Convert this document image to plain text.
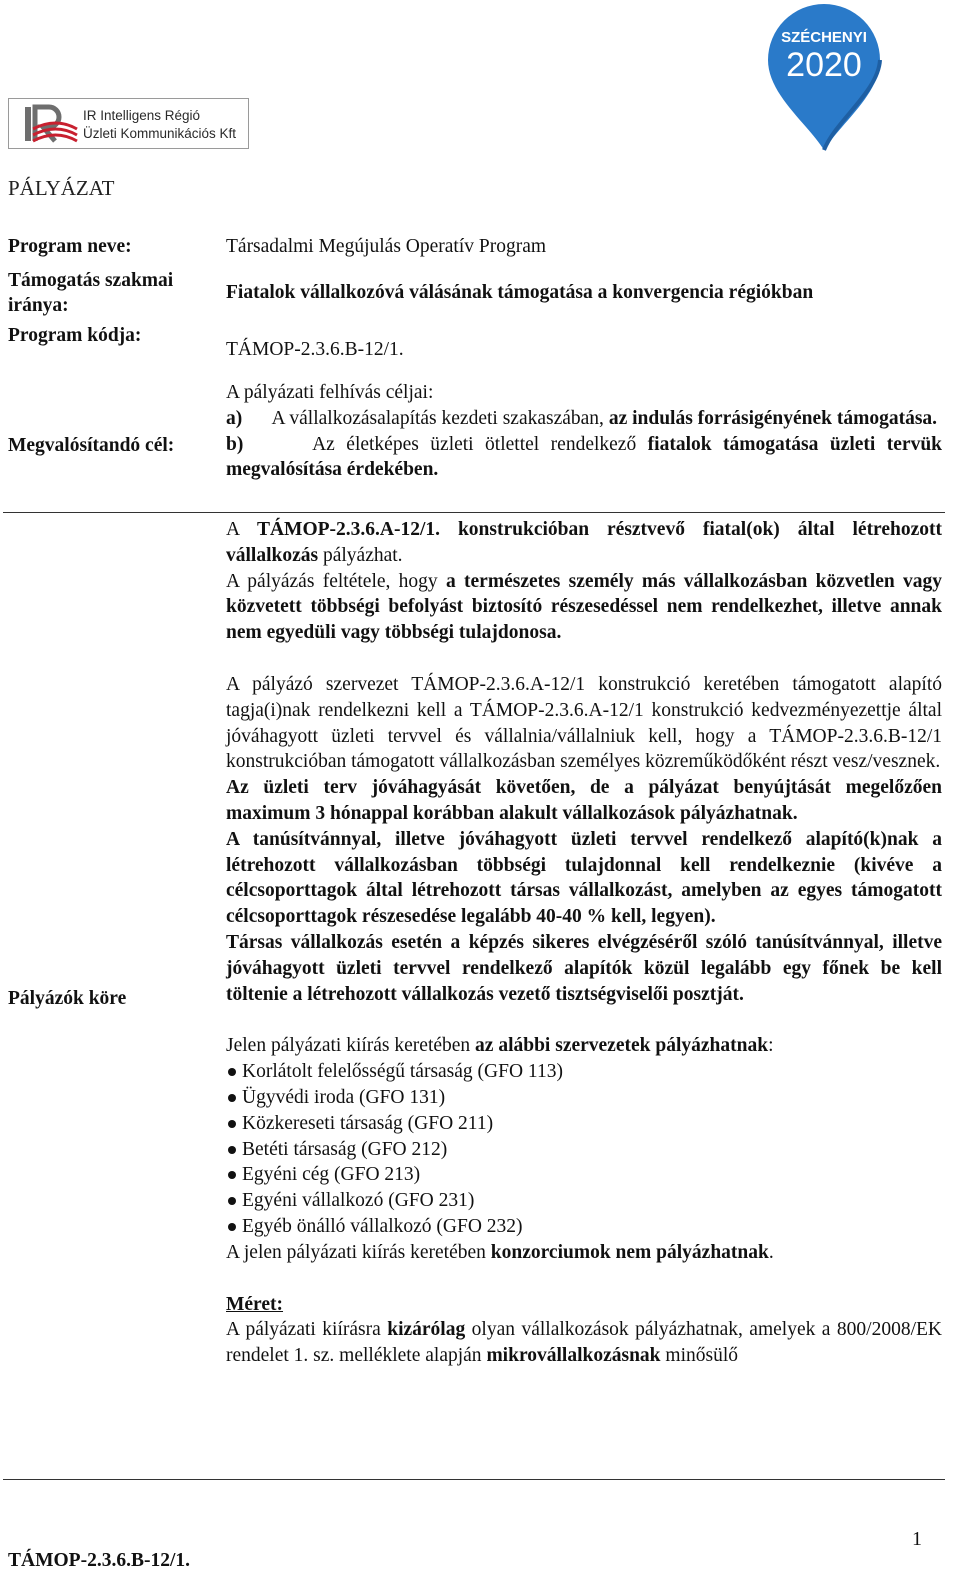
IR Intelligens Régió
Üzleti Kommunikációs Kft
SZÉCHENYI
2020
PÁLYÁZAT
Program neve:	Társadalmi Megújulás Operatív Program
Támogatás szakmai iránya:
Fiatalok vállalkozóvá válásának támogatása a konvergencia régiókban
Program kódja:
TÁMOP-2.3.6.B-12/1.
Megvalósítandó cél:

A pályázati felhívás céljai:

a) A vállalkozásalapítás kezdeti szakaszában, az indulás forrásigényének támogatása.

b)	Az életképes üzleti ötlettel rendelkező fiatalok támogatása üzleti tervük megvalósítása érdekében.

Pályázók köre

A TÁMOP-2.3.6.A-12/1. konstrukcióban résztvevő fiatal(ok) által létrehozott vállalkozás pályázhat.

A pályázás feltétele, hogy a természetes személy más vállalkozásban közvetlen vagy közvetett többségi befolyást biztosító részesedéssel nem rendelkezhet, illetve annak nem egyedüli vagy többségi tulajdonosa.

A pályázó szervezet TÁMOP-2.3.6.A-12/1 konstrukció keretében támogatott alapító tagja(i)nak rendelkezni kell a TÁMOP-2.3.6.A-12/1 konstrukció kedvezményezettje által jóváhagyott üzleti tervvel és vállalnia/vállalniuk kell, hogy a TÁMOP-2.3.6.B-12/1 konstrukcióban támogatott vállalkozásban személyes közreműködőként részt vesz/vesznek.

Az üzleti terv jóváhagyását követően, de a pályázat benyújtását megelőzően maximum 3 hónappal korábban alakult vállalkozások pályázhatnak.

A tanúsítvánnyal, illetve jóváhagyott üzleti tervvel rendelkező alapító(k)nak a létrehozott vállalkozásban többségi tulajdonnal kell rendelkeznie (kivéve a célcsoporttagok által létrehozott társas vállalkozást, amelyben az egyes támogatott célcsoporttagok részesedése legalább 40-40 % kell, legyen).

Társas vállalkozás esetén a képzés sikeres elvégzéséről szóló tanúsítvánnyal, illetve jóváhagyott üzleti tervvel rendelkező alapítók közül legalább egy főnek be kell töltenie a létrehozott vállalkozás vezető tisztségviselői posztját.

Jelen pályázati kiírás keretében az alábbi szervezetek pályázhatnak:

Korlátolt felelősségű társaság (GFO 113)
Ügyvédi iroda (GFO 131)
Közkereseti társaság (GFO 211)
Betéti társaság (GFO 212)
Egyéni cég (GFO 213)
Egyéni vállalkozó (GFO 231)
Egyéb önálló vállalkozó (GFO 232)

A jelen pályázati kiírás keretében konzorciumok nem pályázhatnak.

Méret:

A pályázati kiírásra kizárólag olyan vállalkozások pályázhatnak, amelyek a 800/2008/EK rendelet 1. sz. melléklete alapján mikrovállalkozásnak minősülő

TÁMOP-2.3.6.B-12/1.
1
